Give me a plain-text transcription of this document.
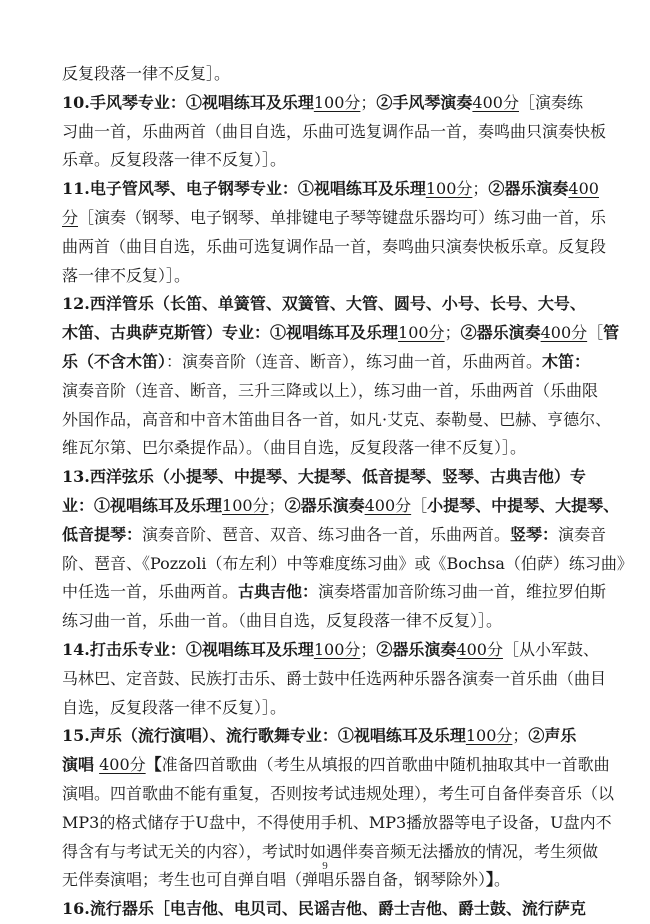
反复段落一律不反复］。
10.手风琴专业：①视唱练耳及乐理100分；②手风琴演奏400分［演奏练
习曲一首，乐曲两首（曲目自选，乐曲可选复调作品一首，奏鸣曲只演奏快板
乐章。反复段落一律不反复）］。
11.电子管风琴、电子钢琴专业：①视唱练耳及乐理100分；②器乐演奏400
分［演奏（钢琴、电子钢琴、单排键电子琴等键盘乐器均可）练习曲一首，乐
曲两首（曲目自选，乐曲可选复调作品一首，奏鸣曲只演奏快板乐章。反复段
落一律不反复）］。
12.西洋管乐（长笛、单簧管、双簧管、大管、圆号、小号、长号、大号、
木笛、古典萨克斯管）专业：①视唱练耳及乐理100分；②器乐演奏400分［管
乐（不含木笛）：演奏音阶（连音、断音），练习曲一首，乐曲两首。木笛：
演奏音阶（连音、断音，三升三降或以上），练习曲一首，乐曲两首（乐曲限
外国作品，高音和中音木笛曲目各一首，如凡·艾克、泰勒曼、巴赫、亨德尔、
维瓦尔第、巴尔桑提作品）。（曲目自选，反复段落一律不反复）］。
13.西洋弦乐（小提琴、中提琴、大提琴、低音提琴、竖琴、古典吉他）专
业：①视唱练耳及乐理100分；②器乐演奏400分［小提琴、中提琴、大提琴、
低音提琴：演奏音阶、琶音、双音、练习曲各一首，乐曲两首。竖琴：演奏音
阶、琶音、《Pozzoli（布左利）中等难度练习曲》或《Bochsa（伯萨）练习曲》
中任选一首，乐曲两首。古典吉他：演奏塔雷加音阶练习曲一首，维拉罗伯斯
练习曲一首，乐曲一首。（曲目自选，反复段落一律不反复）］。
14.打击乐专业：①视唱练耳及乐理100分；②器乐演奏400分［从小军鼓、
马林巴、定音鼓、民族打击乐、爵士鼓中任选两种乐器各演奏一首乐曲（曲目
自选，反复段落一律不反复）］。
15.声乐（流行演唱）、流行歌舞专业：①视唱练耳及乐理100分；②声乐
演唱 400分【准备四首歌曲（考生从填报的四首歌曲中随机抽取其中一首歌曲
演唱。四首歌曲不能有重复，否则按考试违规处理），考生可自备伴奏音乐（以
MP3的格式储存于U盘中，不得使用手机、MP3播放器等电子设备，U盘内不
得含有与考试无关的内容），考试时如遇伴奏音频无法播放的情况，考生须做
无伴奏演唱；考生也可自弹自唱（弹唱乐器自备，钢琴除外）】。
16.流行器乐［电吉他、电贝司、民谣吉他、爵士吉他、爵士鼓、流行萨克
9
